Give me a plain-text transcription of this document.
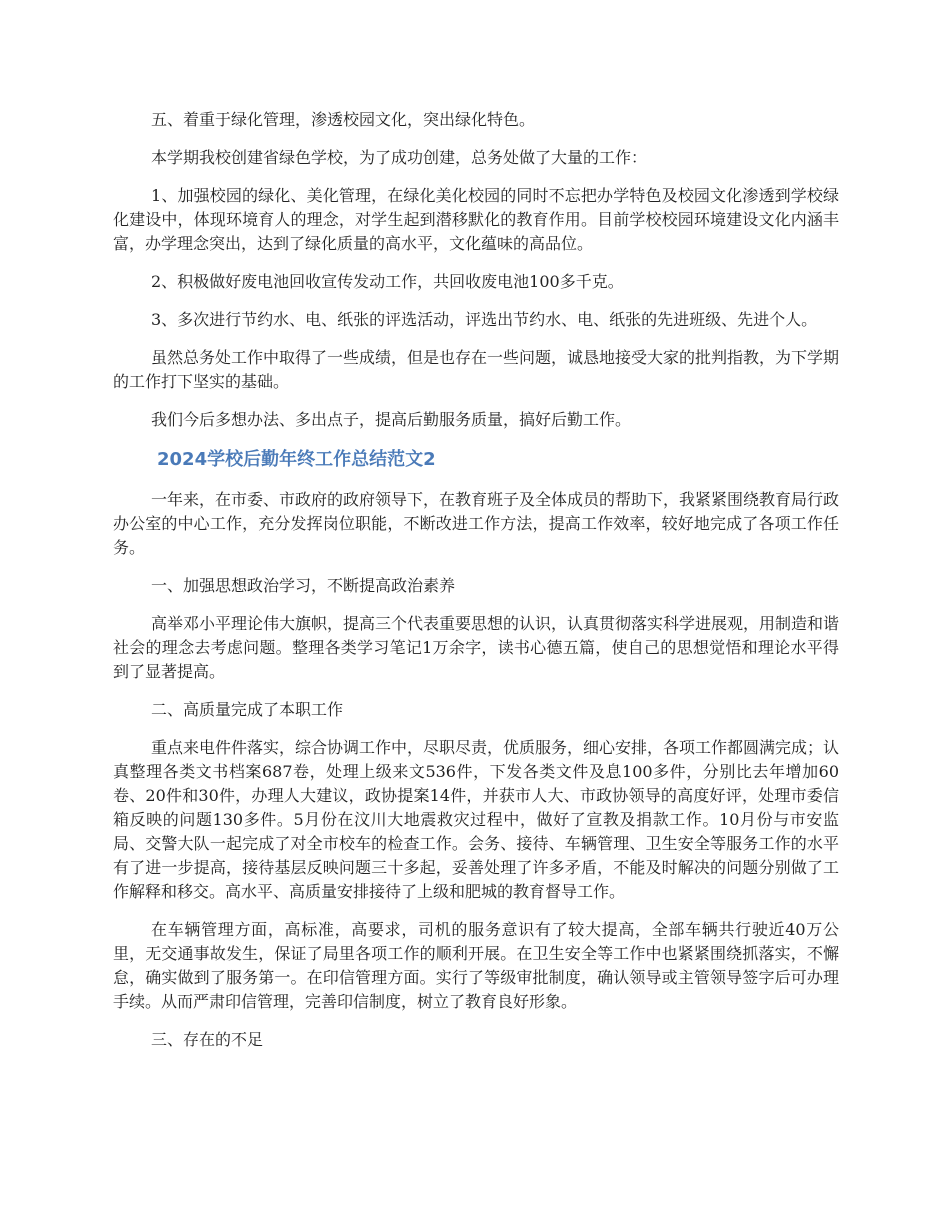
五、着重于绿化管理，渗透校园文化，突出绿化特色。

本学期我校创建省绿色学校，为了成功创建，总务处做了大量的工作：

1、加强校园的绿化、美化管理，在绿化美化校园的同时不忘把办学特色及校园文化渗透到学校绿化建设中，体现环境育人的理念，对学生起到潜移默化的教育作用。目前学校校园环境建设文化内涵丰富，办学理念突出，达到了绿化质量的高水平，文化蕴味的高品位。

2、积极做好废电池回收宣传发动工作，共回收废电池100多千克。

3、多次进行节约水、电、纸张的评选活动，评选出节约水、电、纸张的先进班级、先进个人。

虽然总务处工作中取得了一些成绩，但是也存在一些问题，诚恳地接受大家的批判指教，为下学期的工作打下坚实的基础。

我们今后多想办法、多出点子，提高后勤服务质量，搞好后勤工作。

2024学校后勤年终工作总结范文2

一年来，在市委、市政府的政府领导下，在教育班子及全体成员的帮助下，我紧紧围绕教育局行政办公室的中心工作，充分发挥岗位职能，不断改进工作方法，提高工作效率，较好地完成了各项工作任务。

一、加强思想政治学习，不断提高政治素养

高举邓小平理论伟大旗帜，提高三个代表重要思想的认识，认真贯彻落实科学进展观，用制造和谐社会的理念去考虑问题。整理各类学习笔记1万余字，读书心德五篇，使自己的思想觉悟和理论水平得到了显著提高。

二、高质量完成了本职工作

重点来电件件落实，综合协调工作中，尽职尽责，优质服务，细心安排，各项工作都圆满完成；认真整理各类文书档案687卷，处理上级来文536件，下发各类文件及息100多件，分别比去年增加60卷、20件和30件，办理人大建议，政协提案14件，并获市人大、市政协领导的高度好评，处理市委信箱反映的问题130多件。5月份在汶川大地震救灾过程中，做好了宣教及捐款工作。10月份与市安监局、交警大队一起完成了对全市校车的检查工作。会务、接待、车辆管理、卫生安全等服务工作的水平有了进一步提高，接待基层反映问题三十多起，妥善处理了许多矛盾，不能及时解决的问题分别做了工作解释和移交。高水平、高质量安排接待了上级和肥城的教育督导工作。

在车辆管理方面，高标准，高要求，司机的服务意识有了较大提高，全部车辆共行驶近40万公里，无交通事故发生，保证了局里各项工作的顺利开展。在卫生安全等工作中也紧紧围绕抓落实，不懈怠，确实做到了服务第一。在印信管理方面。实行了等级审批制度，确认领导或主管领导签字后可办理手续。从而严肃印信管理，完善印信制度，树立了教育良好形象。

三、存在的不足
